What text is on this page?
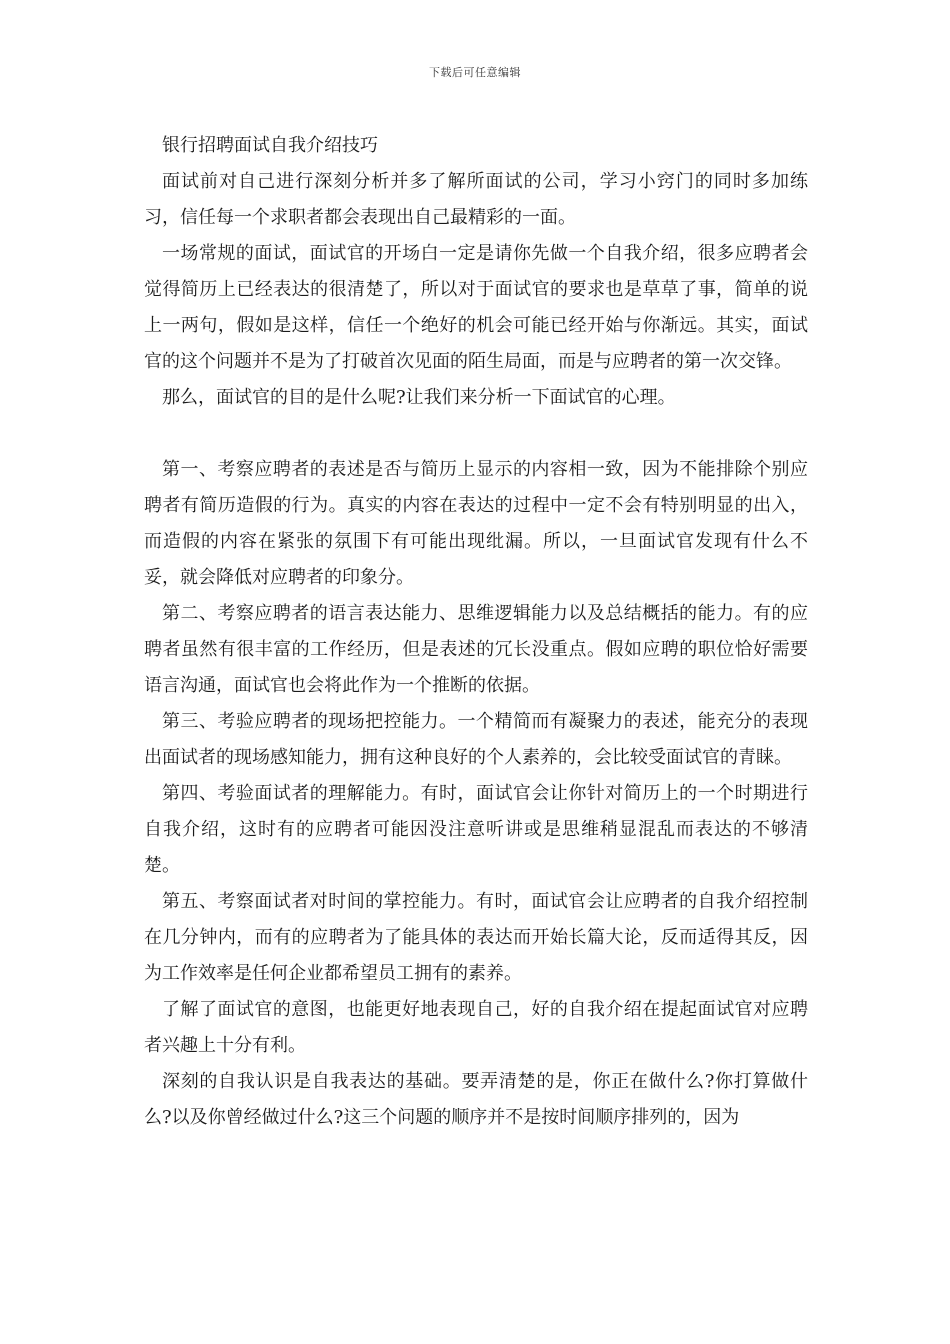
下载后可任意编辑

银行招聘面试自我介绍技巧

面试前对自己进行深刻分析并多了解所面试的公司，学习小窍门的同时多加练习，信任每一个求职者都会表现出自己最精彩的一面。

一场常规的面试，面试官的开场白一定是请你先做一个自我介绍，很多应聘者会觉得简历上已经表达的很清楚了，所以对于面试官的要求也是草草了事，简单的说上一两句，假如是这样，信任一个绝好的机会可能已经开始与你渐远。其实，面试官的这个问题并不是为了打破首次见面的陌生局面，而是与应聘者的第一次交锋。

那么，面试官的目的是什么呢?让我们来分析一下面试官的心理。

第一、考察应聘者的表述是否与简历上显示的内容相一致，因为不能排除个别应聘者有简历造假的行为。真实的内容在表达的过程中一定不会有特别明显的出入，而造假的内容在紧张的氛围下有可能出现纰漏。所以，一旦面试官发现有什么不妥，就会降低对应聘者的印象分。

第二、考察应聘者的语言表达能力、思维逻辑能力以及总结概括的能力。有的应聘者虽然有很丰富的工作经历，但是表述的冗长没重点。假如应聘的职位恰好需要语言沟通，面试官也会将此作为一个推断的依据。

第三、考验应聘者的现场把控能力。一个精简而有凝聚力的表述，能充分的表现出面试者的现场感知能力，拥有这种良好的个人素养的，会比较受面试官的青睐。

第四、考验面试者的理解能力。有时，面试官会让你针对简历上的一个时期进行自我介绍，这时有的应聘者可能因没注意听讲或是思维稍显混乱而表达的不够清楚。

第五、考察面试者对时间的掌控能力。有时，面试官会让应聘者的自我介绍控制在几分钟内，而有的应聘者为了能具体的表达而开始长篇大论，反而适得其反，因为工作效率是任何企业都希望员工拥有的素养。

了解了面试官的意图，也能更好地表现自己，好的自我介绍在提起面试官对应聘者兴趣上十分有利。

深刻的自我认识是自我表达的基础。要弄清楚的是，你正在做什么?你打算做什么?以及你曾经做过什么?这三个问题的顺序并不是按时间顺序排列的，因为
